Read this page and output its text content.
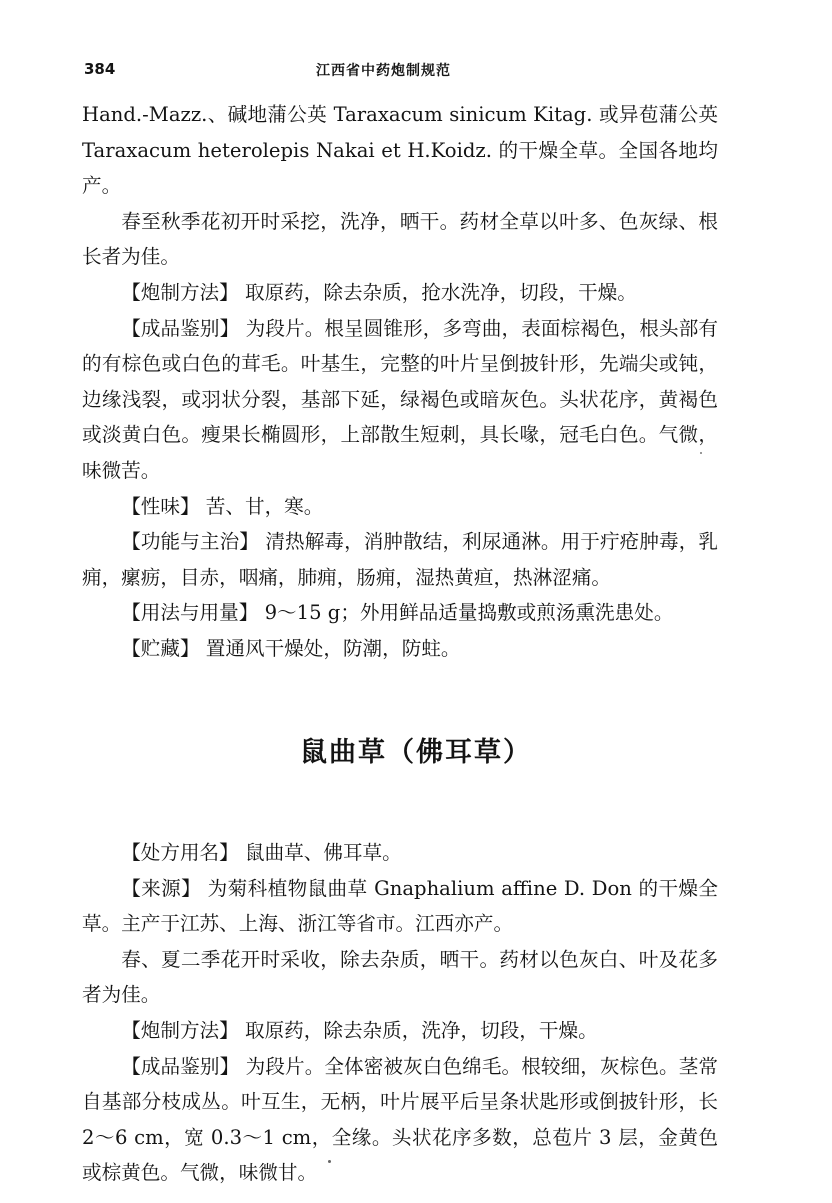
384	江西省中药炮制规范

Hand.-Mazz.、碱地蒲公英 Taraxacum sinicum Kitag. 或异苞蒲公英 Taraxacum heterolepis Nakai et H.Koidz. 的干燥全草。全国各地均产。

春至秋季花初开时采挖，洗净，晒干。药材全草以叶多、色灰绿、根长者为佳。

【炮制方法】 取原药，除去杂质，抢水洗净，切段，干燥。

【成品鉴别】 为段片。根呈圆锥形，多弯曲，表面棕褐色，根头部有的有棕色或白色的茸毛。叶基生，完整的叶片呈倒披针形，先端尖或钝，边缘浅裂，或羽状分裂，基部下延，绿褐色或暗灰色。头状花序，黄褐色或淡黄白色。瘦果长椭圆形，上部散生短刺，具长喙，冠毛白色。气微，味微苦。

【性味】 苦、甘，寒。

【功能与主治】 清热解毒，消肿散结，利尿通淋。用于疔疮肿毒，乳痈，瘰疬，目赤，咽痛，肺痈，肠痈，湿热黄疸，热淋涩痛。

【用法与用量】 9～15 g；外用鲜品适量捣敷或煎汤熏洗患处。

【贮藏】 置通风干燥处，防潮，防蛀。

鼠曲草（佛耳草）

【处方用名】 鼠曲草、佛耳草。

【来源】 为菊科植物鼠曲草 Gnaphalium affine D. Don 的干燥全草。主产于江苏、上海、浙江等省市。江西亦产。

春、夏二季花开时采收，除去杂质，晒干。药材以色灰白、叶及花多者为佳。

【炮制方法】 取原药，除去杂质，洗净，切段，干燥。

【成品鉴别】 为段片。全体密被灰白色绵毛。根较细，灰棕色。茎常自基部分枝成丛。叶互生，无柄，叶片展平后呈条状匙形或倒披针形，长 2～6 cm，宽 0.3～1 cm，全缘。头状花序多数，总苞片 3 层，金黄色或棕黄色。气微，味微甘。
